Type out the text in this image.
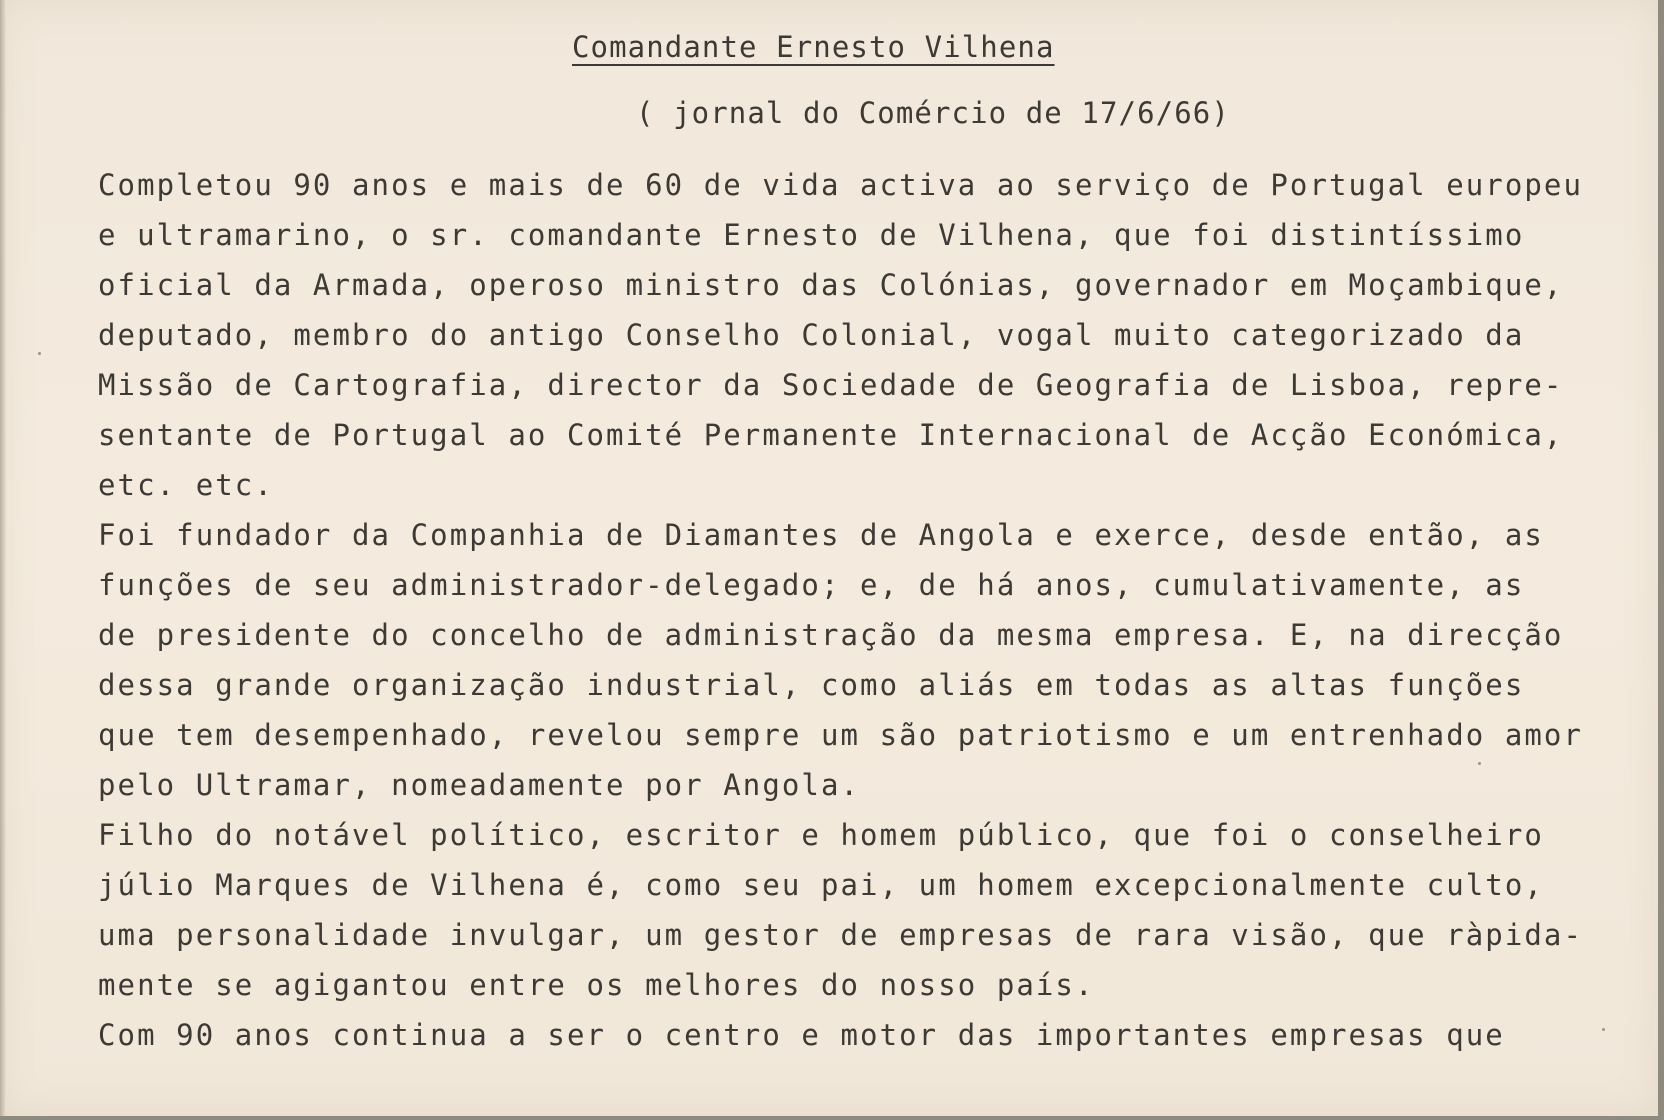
Comandante Ernesto Vilhena
( jornal do Comércio de 17/6/66)
Completou 90 anos e mais de 60 de vida activa ao serviço de Portugal europeu
e ultramarino, o sr. comandante Ernesto de Vilhena, que foi distintíssimo
oficial da Armada, operoso ministro das Colónias, governador em Moçambique,
deputado, membro do antigo Conselho Colonial, vogal muito categorizado da
Missão de Cartografia, director da Sociedade de Geografia de Lisboa, repre-
sentante de Portugal ao Comité Permanente Internacional de Acção Económica,
etc. etc.
Foi fundador da Companhia de Diamantes de Angola e exerce, desde então, as
funções de seu administrador-delegado; e, de há anos, cumulativamente, as
de presidente do concelho de administração da mesma empresa. E, na direcção
dessa grande organização industrial, como aliás em todas as altas funções
que tem desempenhado, revelou sempre um são patriotismo e um entrenhado amor
pelo Ultramar, nomeadamente por Angola.
Filho do notável político, escritor e homem público, que foi o conselheiro
júlio Marques de Vilhena é, como seu pai, um homem excepcionalmente culto,
uma personalidade invulgar, um gestor de empresas de rara visão, que ràpida-
mente se agigantou entre os melhores do nosso país.
Com 90 anos continua a ser o centro e motor das importantes empresas que
